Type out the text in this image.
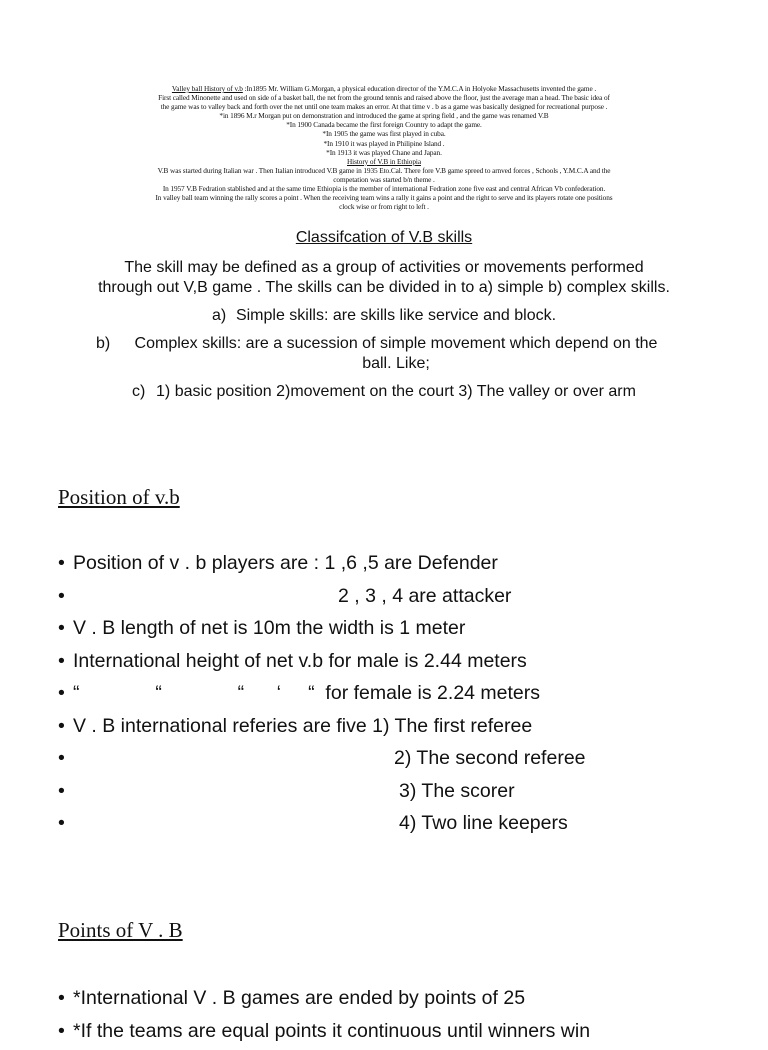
Valley ball History of v.b :In1895 Mr. William G.Morgan, a physical education director of the Y.M.C.A in Holyoke Massachusetts invented the game .

First called Minonette and used on side of a basket ball, the net from the ground tennis and raised above the floor, just the average man a head. The basic idea of

the game was to valley back and forth over the net until one team makes an error. At that time v . b as a game was basically designed for recreational purpose .

*in 1896 M.r Morgan put on demonstration and introduced the game at spring field , and the game was renamed V.B

*In 1900 Canada became the first foreign Country to adapt the game.

*In 1905 the game was first played in cuba.

*In 1910 it was played in Philipine Island .

*In 1913 it was played Chane and Japan.

History of V.B in Ethiopia

V.B was started during Italian war . Then Italian introduced V.B game in 1935 Eto.Cal. There fore V.B game spreed to arnved forces , Schools , Y.M.C.A and the

competation was started b/n theme .

In 1957 V.B Fedration stablished and at the same time Ethiopia is the member of international Fedration zone five east and central African Vb confederation.

In valley ball team winning the rally scores a point . When the receiving team wins a rally it gains a point and the right to serve and its players rotate one positions

clock wise or from right to left .

Classifcation of V.B skills

The skill may be defined as a group of activities or movements performed through out V,B game . The skills can be divided in to a) simple b) complex skills.

a) Simple skills: are skills like service and block.

b)	Complex skills: are a sucession of simple movement which depend on the ball. Like;

c) 1) basic position 2)movement on the court 3) The valley or over arm

Position of v.b
• Position of v . b players are : 1 ,6 ,5 are Defender
•	2 , 3 , 4 are attacker
• V . B length of net is 10m the width is 1 meter
• International height of net v.b for male is 2.44 meters
• “              “              “      ‘     “  for female is 2.24 meters
• V . B international referies are five 1) The first referee
•	2) The second referee
•	3) The scorer
•	4) Two line keepers
Points of V . B
• *International V . B games are ended by points of 25
• *If the teams are equal points it continuous until winners win
